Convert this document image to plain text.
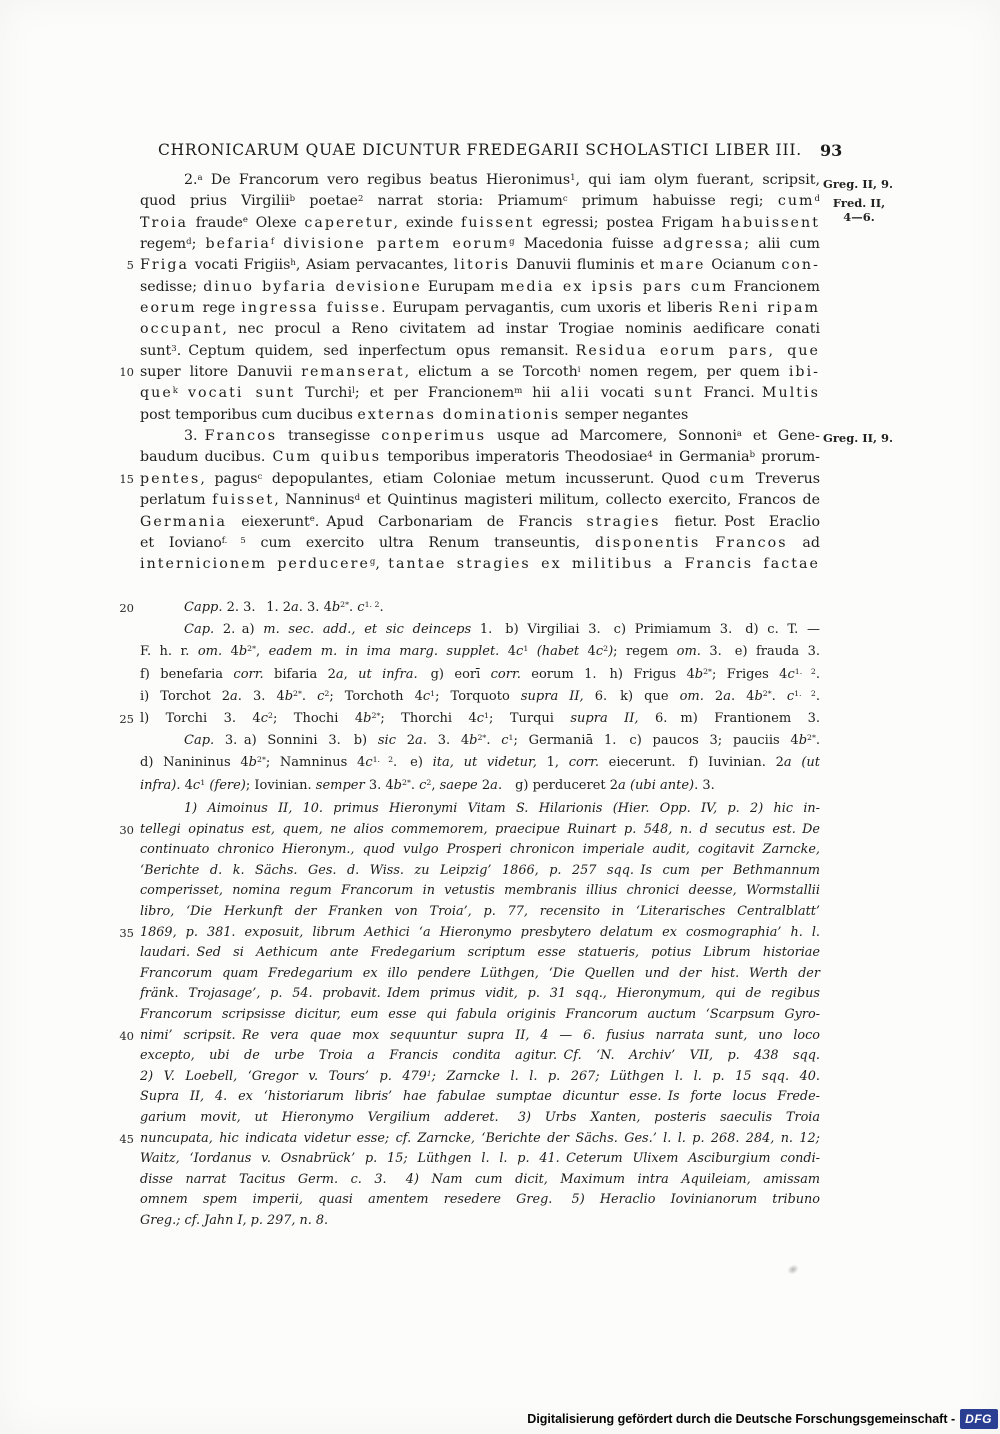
CHRONICARUM QUAE DICUNTUR FREDEGARII SCHOLASTICI LIBER III.	93
Greg. II, 9.
Fred. II,
4—6.
Greg. II, 9.
2.$^a$ De Francorum vero regibus beatus Hieronimus$^1$, qui iam olym fuerant, scripsit,
quod prius Virgilii$^b$ poetae$^2$ narrat storia: Priamum$^c$ primum habuisse regi; cum$^d$
Troia fraude$^e$ Olexe caperetur, exinde fuissent egressi; postea Frigam habuissent
regem$^d$; befaria$^f$ divisione partem eorum$^g$ Macedonia fuisse adgressa; alii cum
5 Friga vocati Frigiis$^h$, Asiam pervacantes, litoris Danuvii fluminis et mare Ocianum con-
sedisse; dinuo byfaria devisione Eurupam media ex ipsis pars cum Francionem
eorum rege ingressa fuisse. Eurupam pervagantis, cum uxoris et liberis Reni ripam
occupant, nec procul a Reno civitatem ad instar Trogiae nominis aedificare conati
sunt$^3$. Ceptum quidem, sed inperfectum opus remansit. Residua eorum pars, que
10 super litore Danuvii remanserat, elictum a se Torcoth$^i$ nomen regem, per quem ibi-
que$^k$ vocati sunt Turchi$^l$; et per Francionem$^m$ hii alii vocati sunt Franci. Multis
post temporibus cum ducibus externas dominationis semper negantes
3. Francos transegisse conperimus usque ad Marcomere, Sonnoni$^a$ et Gene-
baudum ducibus. Cum quibus temporibus imperatoris Theodosiae$^4$ in Germania$^b$ prorum-
15 pentes, pagus$^c$ depopulantes, etiam Coloniae metum incusserunt. Quod cum Treverus
perlatum fuisset, Nanninus$^d$ et Quintinus magisteri militum, collecto exercito, Francos de
Germania eiexerunt$^e$. Apud Carbonariam de Francis stragies fietur. Post Eraclio
et Ioviano$^{f. 5}$ cum exercito ultra Renum transeuntis, disponentis Francos ad
internicionem perducere$^g$, tantae stragies ex militibus a Francis factae
20	Capp. 2. 3.  1. 2a. 3. $4b^{2*}$. $c^{1. 2}$.
Cap. 2. a) m. sec. add., et sic deinceps 1.  b) Virgiliai 3.  c) Primiamum 3.  d) c. T. —
F. h. r. om. $4b^{2*}$, eadem m. in ima marg. supplet. $4c^1$ (habet $4c^2$); regem om. 3.  e) frauda 3.
f) benefaria corr. bifaria 2a, ut infra.  g) eorī corr. eorum 1.  h) Frigus $4b^{2*}$; Friges $4c^{1. 2}$.
i) Torchot 2a. 3. $4b^{2*}$. $c^2$; Torchoth $4c^1$; Torquoto supra II, 6.  k) que om. 2a. $4b^{2*}$. $c^{1. 2}$.
25 l) Torchi 3. $4c^2$; Thochi $4b^{2*}$; Thorchi $4c^1$; Turqui supra II, 6.  m) Frantionem 3.
Cap. 3. a) Sonnini 3.  b) sic 2a. 3. $4b^{2*}$. $c^1$; Germaniā 1.  c) paucos 3; pauciis $4b^{2*}$.
d) Nanininus $4b^{2*}$; Namninus $4c^{1. 2}$.  e) ita, ut videtur, 1, corr. eiecerunt.  f) Iuvinian. 2a (ut
infra). $4c^1$ (fere); Iovinian. semper 3. $4b^{2*}$. $c^2$, saepe 2a.  g) perduceret 2a (ubi ante). 3.
1) Aimoinus II, 10. primus Hieronymi Vitam S. Hilarionis (Hier. Opp. IV, p. 2) hic in-
30 tellegi opinatus est, quem, ne alios commemorem, praecipue Ruinart p. 548, n. d secutus est. De
continuato chronico Hieronym., quod vulgo Prosperi chronicon imperiale audit, cogitavit Zarncke,
‘Berichte d. k. Sächs. Ges. d. Wiss. zu Leipzig’ 1866, p. 257 sqq. Is cum per Bethmannum
comperisset, nomina regum Francorum in vetustis membranis illius chronici deesse, Wormstallii
libro, ‘Die Herkunft der Franken von Troia’, p. 77, recensito in ‘Literarisches Centralblatt’
35 1869, p. 381. exposuit, librum Aethici ‘a Hieronymo presbytero delatum ex cosmographia’ h. l.
laudari. Sed si Aethicum ante Fredegarium scriptum esse statueris, potius Librum historiae
Francorum quam Fredegarium ex illo pendere Lüthgen, ‘Die Quellen und der hist. Werth der
fränk. Trojasage’, p. 54. probavit. Idem primus vidit, p. 31 sqq., Hieronymum, qui de regibus
Francorum scripsisse dicitur, eum esse qui fabula originis Francorum auctum ‘Scarpsum Gyro-
40 nimi’ scripsit. Re vera quae mox sequuntur supra II, 4 — 6. fusius narrata sunt, uno loco
excepto, ubi de urbe Troia a Francis condita agitur. Cf. ‘N. Archiv’ VII, p. 438 sqq.
2) V. Loebell, ‘Gregor v. Tours’ p. $479^1$; Zarncke l. l. p. 267; Lüthgen l. l. p. 15 sqq. 40.
Supra II, 4. ex ‘historiarum libris’ hae fabulae sumptae dicuntur esse. Is forte locus Frede-
garium movit, ut Hieronymo Vergilium adderet.   3) Urbs Xanten, posteris saeculis Troia
45 nuncupata, hic indicata videtur esse; cf. Zarncke, ‘Berichte der Sächs. Ges.’ l. l. p. 268. 284, n. 12;
Waitz, ‘Iordanus v. Osnabrück’ p. 15; Lüthgen l. l. p. 41. Ceterum Ulixem Asciburgium condi-
disse narrat Tacitus Germ. c. 3.   4) Nam cum dicit, Maximum intra Aquileiam, amissam
omnem spem imperii, quasi amentem resedere Greg.   5) Heraclio Iovinianorum tribuno
Greg.; cf. Jahn I, p. 297, n. 8.
Digitalisierung gefördert durch die Deutsche Forschungsgemeinschaft - DFG
